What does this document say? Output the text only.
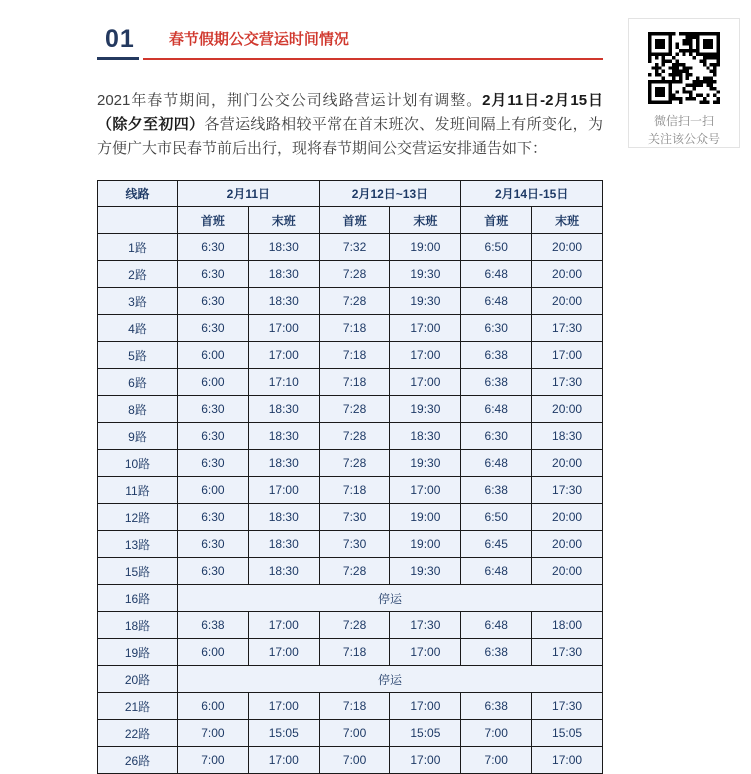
01	春节假期公交营运时间情况

2021年春节期间，荆门公交公司线路营运计划有调整。2月11日-2月15日（除夕至初四）各营运线路相较平常在首末班次、发班间隔上有所变化，为方便广大市民春节前后出行，现将春节期间公交营运安排通告如下：

线路	2月11日		2月12日~13日		2月14日-15日	
	首班	末班	首班	末班	首班	末班
1路	6:30	18:30	7:32	19:00	6:50	20:00
2路	6:30	18:30	7:28	19:30	6:48	20:00
3路	6:30	18:30	7:28	19:30	6:48	20:00
4路	6:30	17:00	7:18	17:00	6:30	17:30
5路	6:00	17:00	7:18	17:00	6:38	17:00
6路	6:00	17:10	7:18	17:00	6:38	17:30
8路	6:30	18:30	7:28	19:30	6:48	20:00
9路	6:30	18:30	7:28	18:30	6:30	18:30
10路	6:30	18:30	7:28	19:30	6:48	20:00
11路	6:00	17:00	7:18	17:00	6:38	17:30
12路	6:30	18:30	7:30	19:00	6:50	20:00
13路	6:30	18:30	7:30	19:00	6:45	20:00
15路	6:30	18:30	7:28	19:30	6:48	20:00
16路	停运					
18路	6:38	17:00	7:28	17:30	6:48	18:00
19路	6:00	17:00	7:18	17:00	6:38	17:30
20路	停运					
21路	6:00	17:00	7:18	17:00	6:38	17:30
22路	7:00	15:05	7:00	15:05	7:00	15:05
26路	7:00	17:00	7:00	17:00	7:00	17:00
微信扫一扫
关注该公众号
